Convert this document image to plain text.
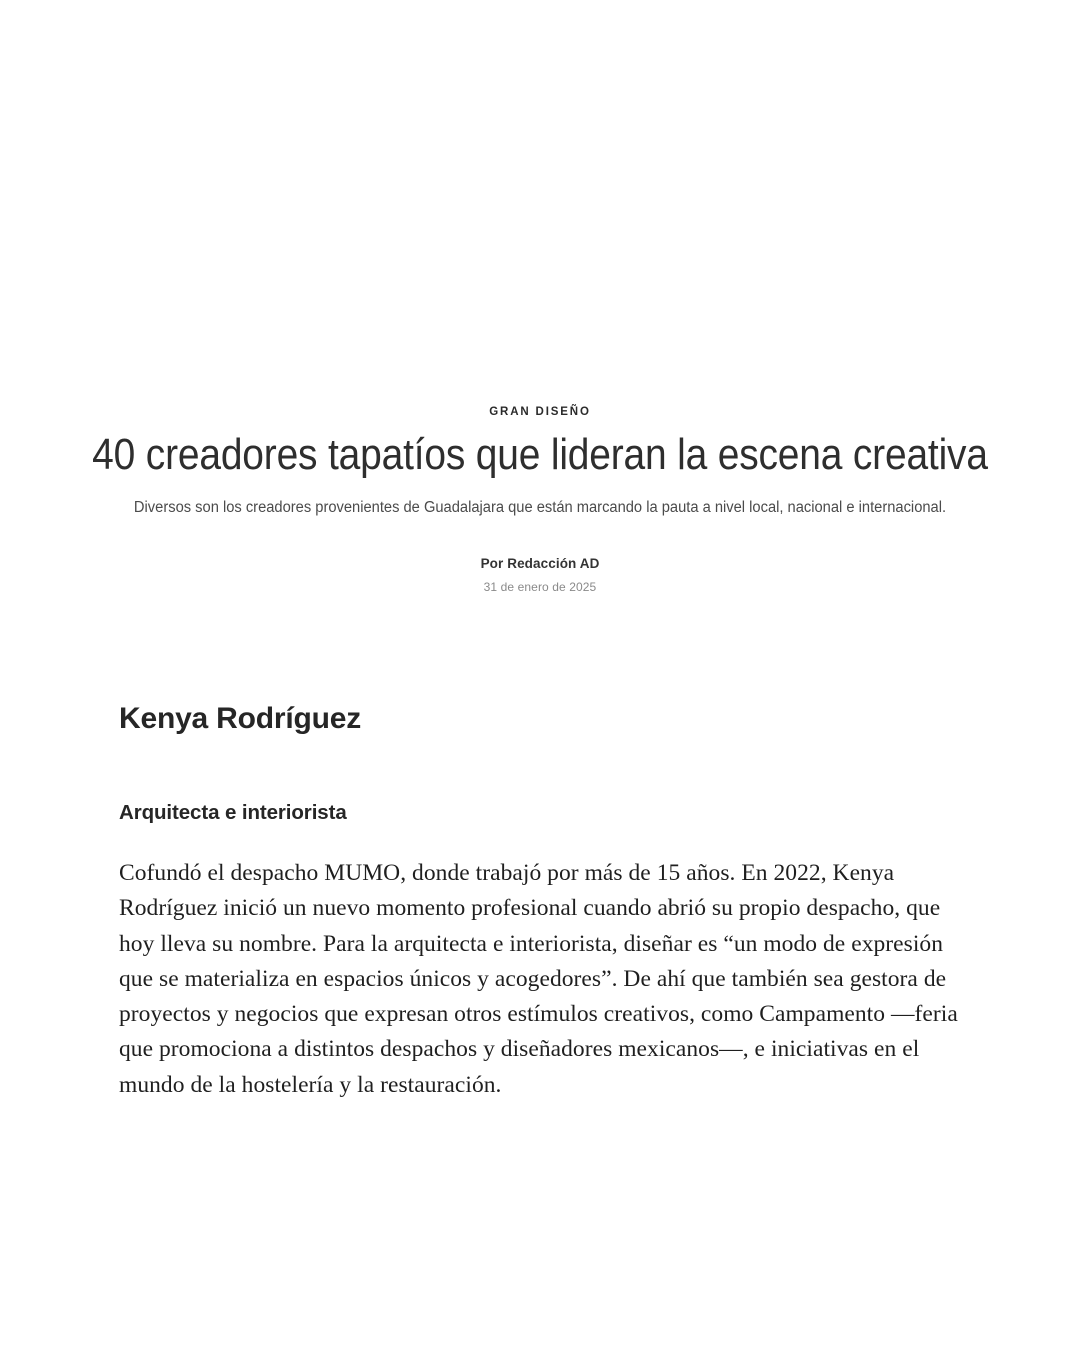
GRAN DISEÑO
40 creadores tapatíos que lideran la escena creativa

Diversos son los creadores provenientes de Guadalajara que están marcando la pauta a nivel local, nacional e internacional.

Por Redacción AD
31 de enero de 2025
Kenya Rodríguez
Arquitecta e interiorista

Cofundó el despacho MUMO, donde trabajó por más de 15 años. En 2022, Kenya Rodríguez inició un nuevo momento profesional cuando abrió su propio despacho, que hoy lleva su nombre. Para la arquitecta e interiorista, diseñar es “un modo de expresión que se materializa en espacios únicos y acogedores”. De ahí que también sea gestora de proyectos y negocios que expresan otros estímulos creativos, como Campamento —feria que promociona a distintos despachos y diseñadores mexicanos—, e iniciativas en el mundo de la hostelería y la restauración.
